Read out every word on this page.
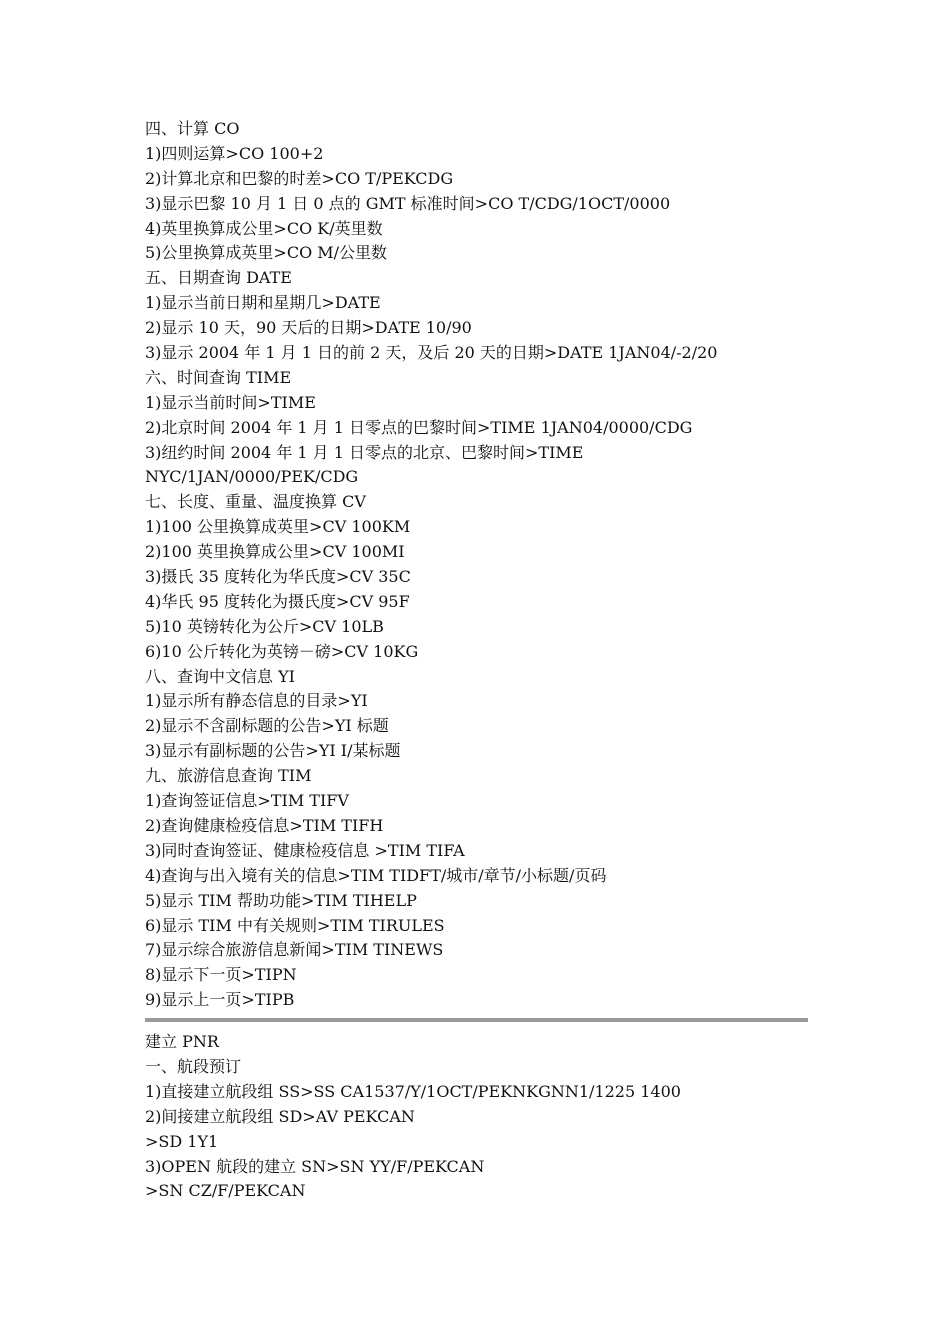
四、计算 CO
1)四则运算>CO 100+2
2)计算北京和巴黎的时差>CO T/PEKCDG
3)显示巴黎 10 月 1 日 0 点的 GMT 标准时间>CO T/CDG/1OCT/0000
4)英里换算成公里>CO K/英里数
5)公里换算成英里>CO M/公里数
五、日期查询 DATE
1)显示当前日期和星期几>DATE
2)显示 10 天，90 天后的日期>DATE 10/90
3)显示 2004 年 1 月 1 日的前 2 天，及后 20 天的日期>DATE 1JAN04/-2/20
六、时间查询 TIME
1)显示当前时间>TIME
2)北京时间 2004 年 1 月 1 日零点的巴黎时间>TIME 1JAN04/0000/CDG
3)纽约时间 2004 年 1 月 1 日零点的北京、巴黎时间>TIME
NYC/1JAN/0000/PEK/CDG
七、长度、重量、温度换算 CV
1)100 公里换算成英里>CV 100KM
2)100 英里换算成公里>CV 100MI
3)摄氏 35 度转化为华氏度>CV 35C
4)华氏 95 度转化为摄氏度>CV 95F
5)10 英镑转化为公斤>CV 10LB
6)10 公斤转化为英镑－磅>CV 10KG
八、查询中文信息 YI
1)显示所有静态信息的目录>YI
2)显示不含副标题的公告>YI 标题
3)显示有副标题的公告>YI I/某标题
九、旅游信息查询 TIM
1)查询签证信息>TIM TIFV
2)查询健康检疫信息>TIM TIFH
3)同时查询签证、健康检疫信息 >TIM TIFA
4)查询与出入境有关的信息>TIM TIDFT/城市/章节/小标题/页码
5)显示 TIM 帮助功能>TIM TIHELP
6)显示 TIM 中有关规则>TIM TIRULES
7)显示综合旅游信息新闻>TIM TINEWS
8)显示下一页>TIPN
9)显示上一页>TIPB
建立 PNR
一、航段预订
1)直接建立航段组 SS>SS CA1537/Y/1OCT/PEKNKGNN1/1225 1400
2)间接建立航段组 SD>AV PEKCAN
>SD 1Y1
3)OPEN 航段的建立 SN>SN YY/F/PEKCAN
>SN CZ/F/PEKCAN
